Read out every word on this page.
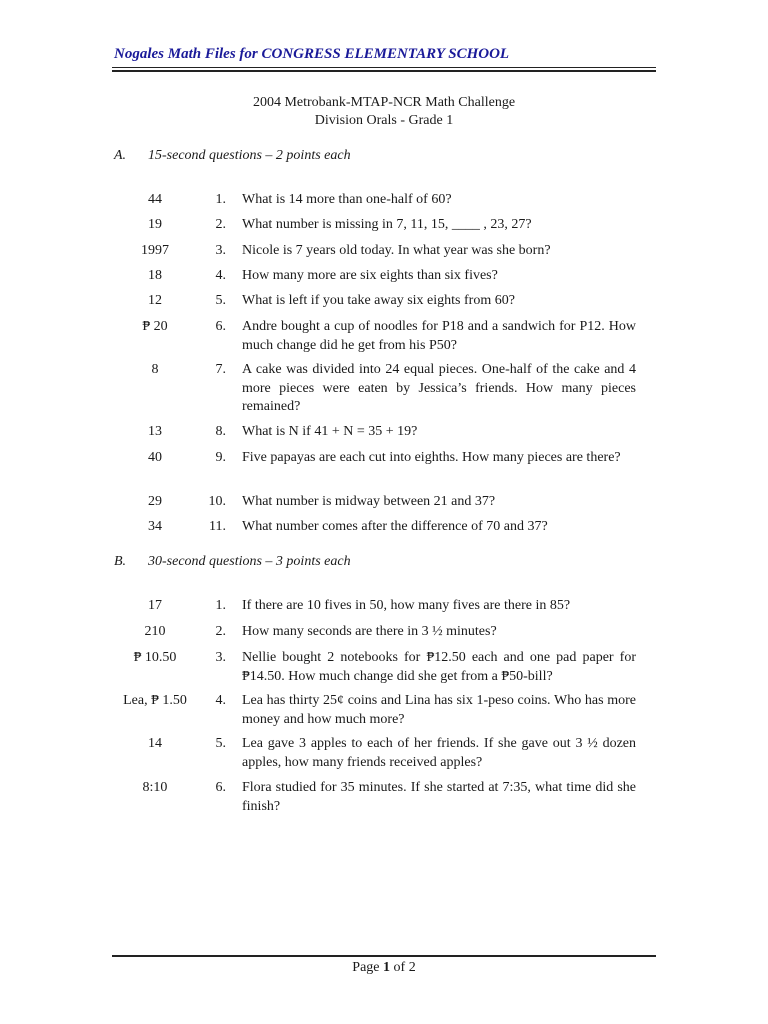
Nogales Math Files for CONGRESS ELEMENTARY SCHOOL
2004 Metrobank-MTAP-NCR Math Challenge
Division Orals - Grade 1
A. 15-second questions – 2 points each
44	1. What is 14 more than one-half of 60?
19	2. What number is missing in 7, 11, 15, ____ , 23, 27?
1997	3. Nicole is 7 years old today. In what year was she born?
18	4. How many more are six eights than six fives?
12	5. What is left if you take away six eights from 60?
₱ 20	6. Andre bought a cup of noodles for P18 and a sandwich for P12. How much change did he get from his P50?
8	7. A cake was divided into 24 equal pieces. One-half of the cake and 4 more pieces were eaten by Jessica’s friends. How many pieces remained?
13	8. What is N if 41 + N = 35 + 19?
40	9. Five papayas are each cut into eighths. How many pieces are there?
29	10. What number is midway between 21 and 37?
34	11. What number comes after the difference of 70 and 37?
B. 30-second questions – 3 points each
17	1. If there are 10 fives in 50, how many fives are there in 85?
210	2. How many seconds are there in 3 ½ minutes?
₱ 10.50	3. Nellie bought 2 notebooks for ₱12.50 each and one pad paper for ₱14.50. How much change did she get from a ₱50-bill?
Lea, ₱ 1.50	4. Lea has thirty 25¢ coins and Lina has six 1-peso coins. Who has more money and how much more?
14	5. Lea gave 3 apples to each of her friends. If she gave out 3 ½ dozen apples, how many friends received apples?
8:10	6. Flora studied for 35 minutes. If she started at 7:35, what time did she finish?
Page 1 of 2
